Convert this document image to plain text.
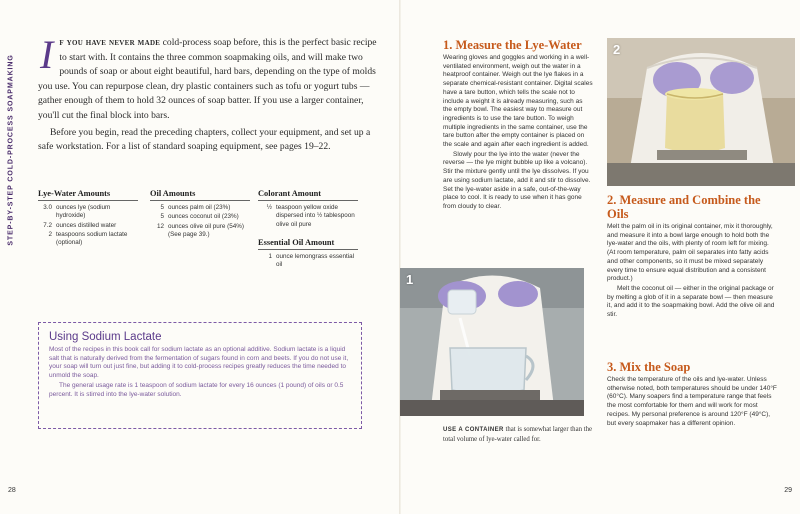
STEP-BY-STEP COLD-PROCESS SOAPMAKING I f you have never made cold-process soap before, this is the perfect basic recipe to start with. It contains the three common soapmaking oils, and will make two pounds of soap or about eight beautiful, hard bars, depending on the type of molds you use. You can repurpose clean, dry plastic containers such as tofu or yogurt tubs — gather enough of them to hold 32 ounces of soap batter. If you use a larger container, you'll cut the final block into bars.

Before you begin, read the preceding chapters, collect your equipment, and set up a safe workstation. For a list of standard soaping equipment, see pages 19–22.

Lye-Water Amounts
3.0 ounces lye (sodium hydroxide)
7.2 ounces distilled water
2 teaspoons sodium lactate (optional)
Oil Amounts
5 ounces palm oil (23%)
5 ounces coconut oil (23%)
12 ounces olive oil pure (54%) (See page 39.)
Colorant Amount
½ teaspoon yellow oxide dispersed into ½ tablespoon olive oil pure
Essential Oil Amount
1 ounce lemongrass essential oil
Using Sodium Lactate

Most of the recipes in this book call for sodium lactate as an optional additive. Sodium lactate is a liquid salt that is naturally derived from the fermentation of sugars found in corn and beets. If you do not use it, your soap will turn out just fine, but adding it to cold-process recipes greatly reduces the time needed to unmold the soap.

The general usage rate is 1 teaspoon of sodium lactate for every 16 ounces (1 pound) of oils or 0.5 percent. It is stirred into the lye-water solution.

28
1. Measure the Lye-Water

Wearing gloves and goggles and working in a well-ventilated environment, weigh out the water in a heatproof container. Weigh out the lye flakes in a separate chemical-resistant container. Digital scales have a tare button, which tells the scale not to include a weight it is already measuring, such as the empty bowl. The easiest way to measure out ingredients is to use the tare button. To weigh multiple ingredients in the same container, use the tare button after the empty container is placed on the scale and again after each ingredient is added.

Slowly pour the lye into the water (never the reverse — the lye might bubble up like a volcano). Stir the mixture gently until the lye dissolves. If you are using sodium lactate, add it and stir to dissolve. Set the lye-water aside in a safe, out-of-the-way place to cool. It is ready to use when it has gone from cloudy to clear.

2
2. Measure and Combine the Oils

Melt the palm oil in its original container, mix it thoroughly, and measure it into a bowl large enough to hold both the lye-water and the oils, with plenty of room left for mixing. (At room temperature, palm oil separates into fatty acids and other components, so it must be mixed separately every time to ensure equal distribution and a consistent product.)

Melt the coconut oil — either in the original package or by melting a glob of it in a separate bowl — then measure it, and add it to the soapmaking bowl. Add the olive oil and stir.

1
USE A CONTAINER that is somewhat larger than the total volume of lye-water called for.
3. Mix the Soap

Check the temperature of the oils and lye-water. Unless otherwise noted, both temperatures should be under 140°F (60°C). Many soapers find a temperature range that feels the most comfortable for them and will work for most recipes. My personal preference is around 120°F (49°C), but every soapmaker has a different opinion.

29
